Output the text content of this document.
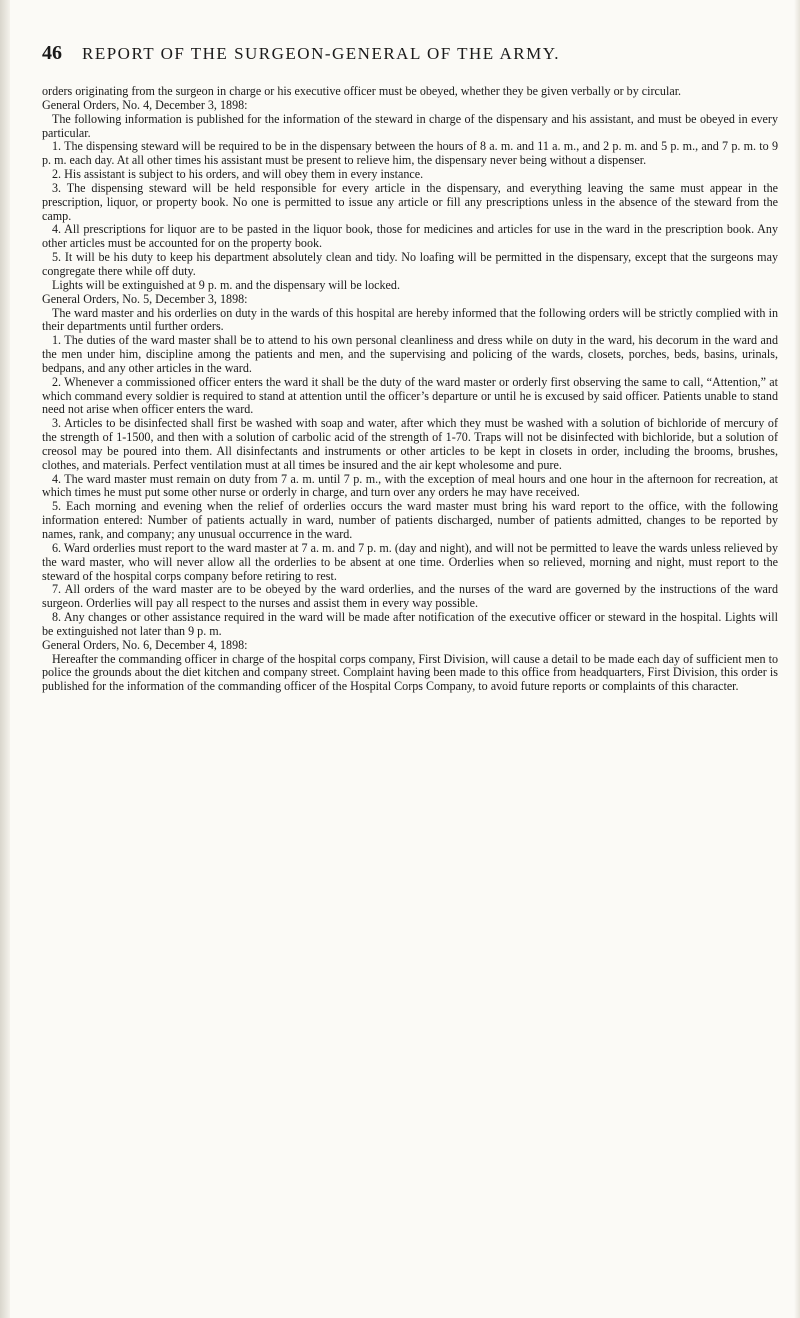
46 REPORT OF THE SURGEON-GENERAL OF THE ARMY.

orders originating from the surgeon in charge or his executive officer must be obeyed, whether they be given verbally or by circular.

General Orders, No. 4, December 3, 1898:

The following information is published for the information of the steward in charge of the dispensary and his assistant, and must be obeyed in every particular.

1. The dispensing steward will be required to be in the dispensary between the hours of 8 a. m. and 11 a. m., and 2 p. m. and 5 p. m., and 7 p. m. to 9 p. m. each day. At all other times his assistant must be present to relieve him, the dispensary never being without a dispenser.

2. His assistant is subject to his orders, and will obey them in every instance.

3. The dispensing steward will be held responsible for every article in the dispensary, and everything leaving the same must appear in the prescription, liquor, or property book. No one is permitted to issue any article or fill any prescriptions unless in the absence of the steward from the camp.

4. All prescriptions for liquor are to be pasted in the liquor book, those for medicines and articles for use in the ward in the prescription book. Any other articles must be accounted for on the property book.

5. It will be his duty to keep his department absolutely clean and tidy. No loafing will be permitted in the dispensary, except that the surgeons may congregate there while off duty.

Lights will be extinguished at 9 p. m. and the dispensary will be locked.

General Orders, No. 5, December 3, 1898:

The ward master and his orderlies on duty in the wards of this hospital are hereby informed that the following orders will be strictly complied with in their departments until further orders.

1. The duties of the ward master shall be to attend to his own personal cleanliness and dress while on duty in the ward, his decorum in the ward and the men under him, discipline among the patients and men, and the supervising and policing of the wards, closets, porches, beds, basins, urinals, bedpans, and any other articles in the ward.

2. Whenever a commissioned officer enters the ward it shall be the duty of the ward master or orderly first observing the same to call, “Attention,” at which command every soldier is required to stand at attention until the officer’s departure or until he is excused by said officer. Patients unable to stand need not arise when officer enters the ward.

3. Articles to be disinfected shall first be washed with soap and water, after which they must be washed with a solution of bichloride of mercury of the strength of 1-1500, and then with a solution of carbolic acid of the strength of 1-70. Traps will not be disinfected with bichloride, but a solution of creosol may be poured into them. All disinfectants and instruments or other articles to be kept in closets in order, including the brooms, brushes, clothes, and materials. Perfect ventilation must at all times be insured and the air kept wholesome and pure.

4. The ward master must remain on duty from 7 a. m. until 7 p. m., with the exception of meal hours and one hour in the afternoon for recreation, at which times he must put some other nurse or orderly in charge, and turn over any orders he may have received.

5. Each morning and evening when the relief of orderlies occurs the ward master must bring his ward report to the office, with the following information entered: Number of patients actually in ward, number of patients discharged, number of patients admitted, changes to be reported by names, rank, and company; any unusual occurrence in the ward.

6. Ward orderlies must report to the ward master at 7 a. m. and 7 p. m. (day and night), and will not be permitted to leave the wards unless relieved by the ward master, who will never allow all the orderlies to be absent at one time. Orderlies when so relieved, morning and night, must report to the steward of the hospital corps company before retiring to rest.

7. All orders of the ward master are to be obeyed by the ward orderlies, and the nurses of the ward are governed by the instructions of the ward surgeon. Orderlies will pay all respect to the nurses and assist them in every way possible.

8. Any changes or other assistance required in the ward will be made after notification of the executive officer or steward in the hospital. Lights will be extinguished not later than 9 p. m.

General Orders, No. 6, December 4, 1898:

Hereafter the commanding officer in charge of the hospital corps company, First Division, will cause a detail to be made each day of sufficient men to police the grounds about the diet kitchen and company street. Complaint having been made to this office from headquarters, First Division, this order is published for the information of the commanding officer of the Hospital Corps Company, to avoid future reports or complaints of this character.
